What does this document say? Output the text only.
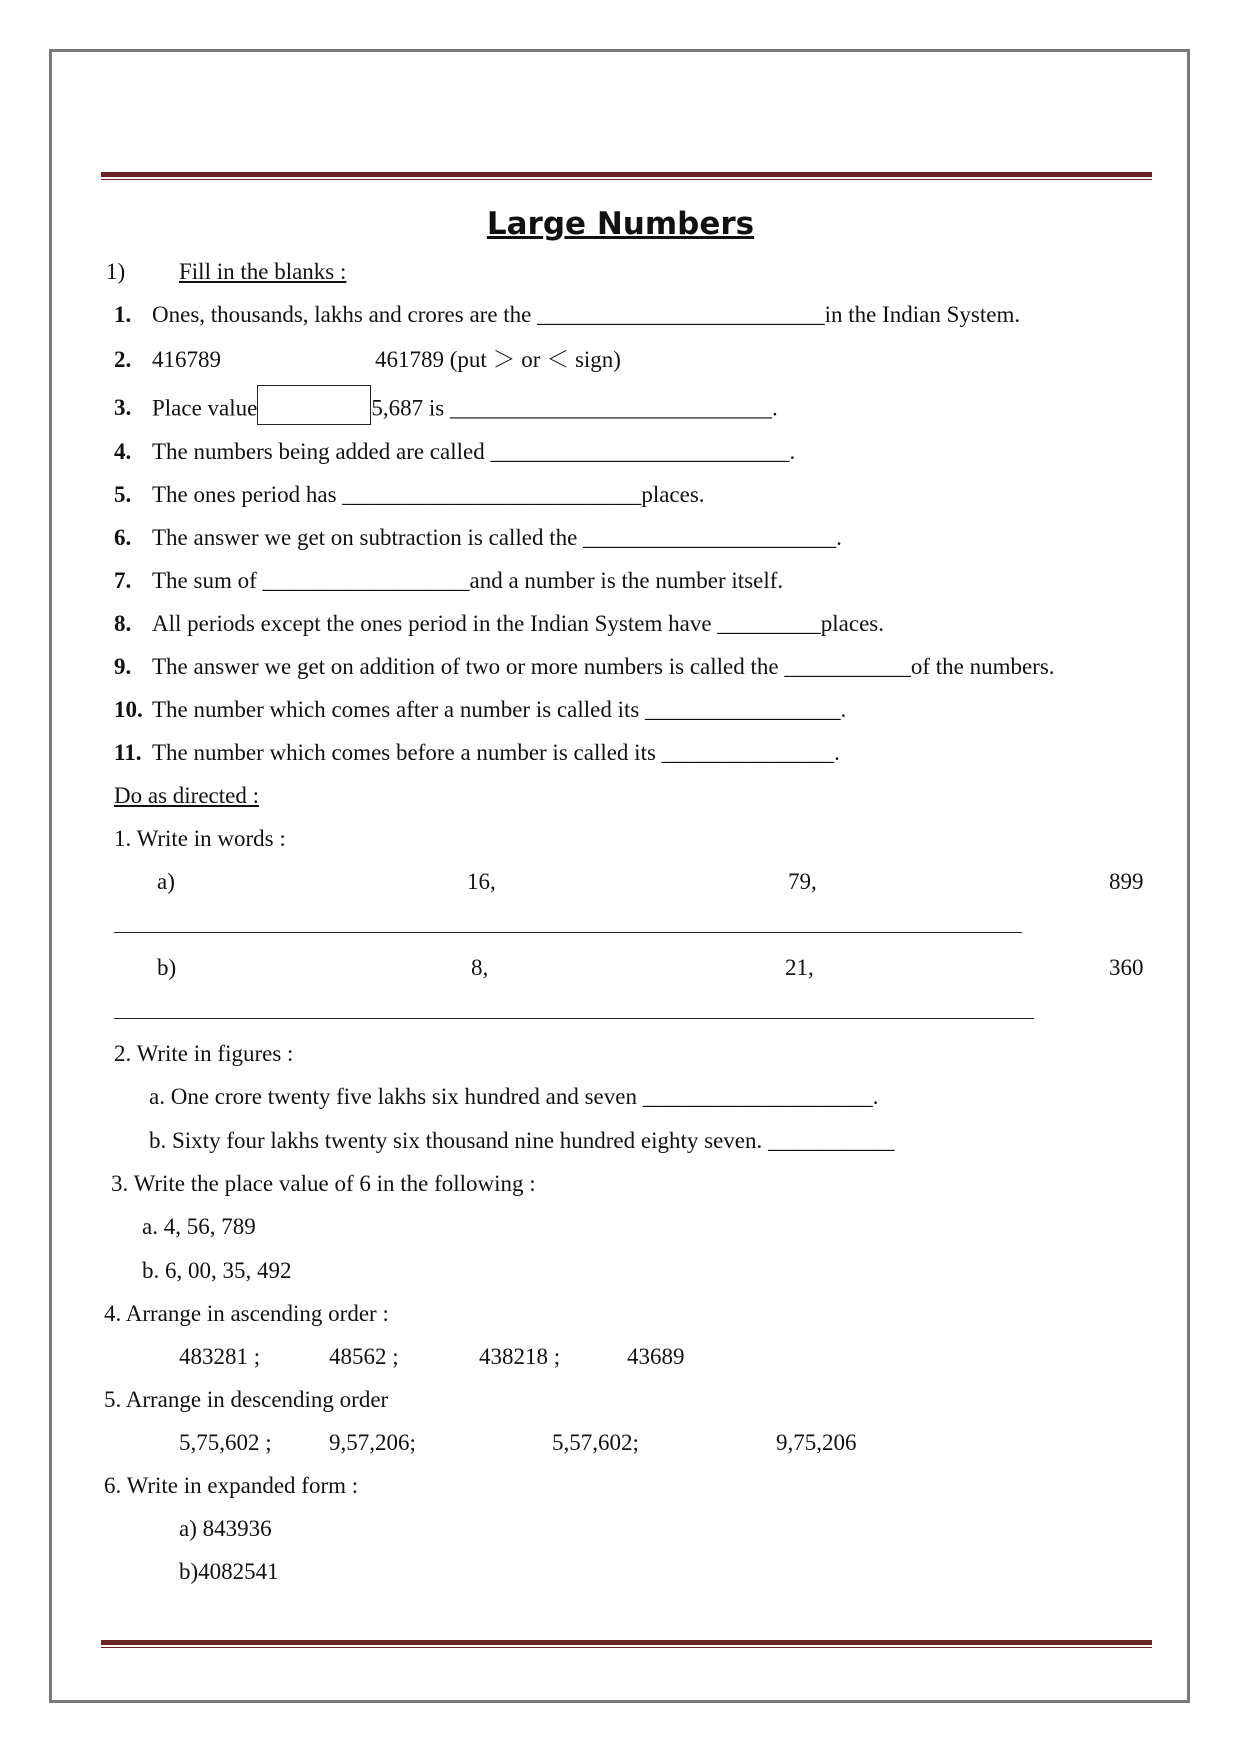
Large Numbers
1) Fill in the blanks :
1. Ones, thousands, lakhs and crores are the _________________________in the Indian System.
2. 416789	461789 (put ＞ or ＜ sign)
3. Place value	5,687 is ____________________________.
4. The numbers being added are called __________________________.
5. The ones period has __________________________places.
6. The answer we get on subtraction is called the ______________________.
7. The sum of __________________and a number is the number itself.
8. All periods except the ones period in the Indian System have _________places.
9. The answer we get on addition of two or more numbers is called the ___________of the numbers.
10. The number which comes after a number is called its _________________.
11. The number which comes before a number is called its _______________.
Do as directed :
1. Write in words :
a)	16,	79,	899
b)	8,	21,	360
2. Write in figures :
a. One crore twenty five lakhs six hundred and seven ____________________.
b. Sixty four lakhs twenty six thousand nine hundred eighty seven. ___________
3. Write the place value of 6 in the following :
a. 4, 56, 789
b. 6, 00, 35, 492
4. Arrange in ascending order :
483281 ;	48562 ;	438218 ;	43689
5. Arrange in descending order
5,75,602 ; 9,57,206;	5,57,602;	9,75,206
6. Write in expanded form :
a) 843936
b)4082541
